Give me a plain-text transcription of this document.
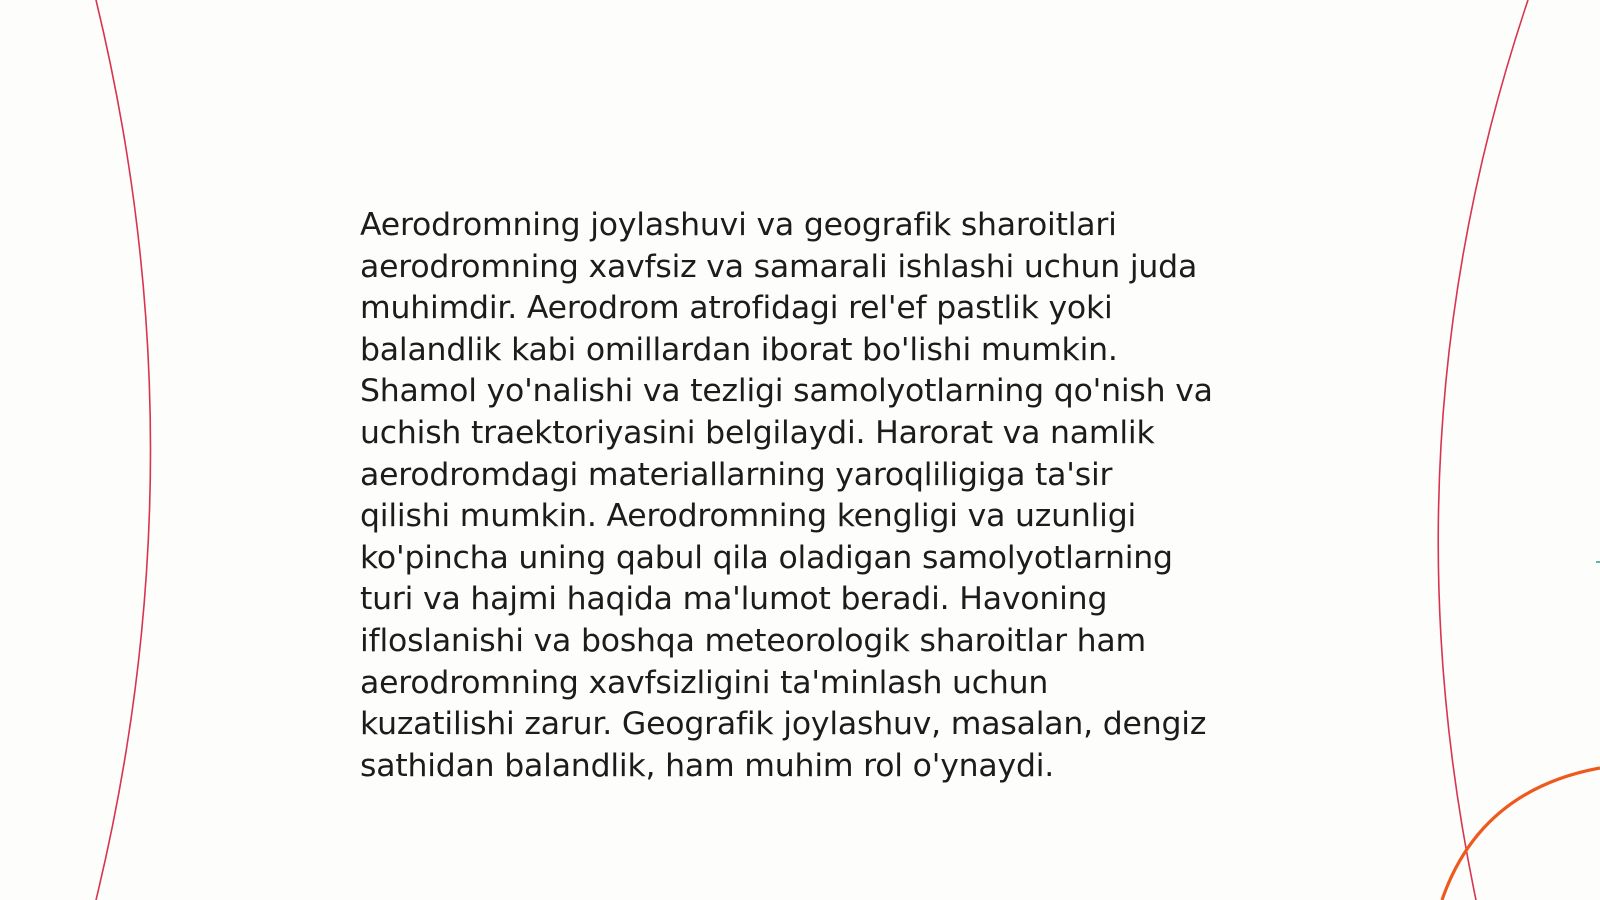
Aerodromning joylashuvi va geografik sharoitlari
aerodromning xavfsiz va samarali ishlashi uchun juda
muhimdir. Aerodrom atrofidagi rel'ef pastlik yoki
balandlik kabi omillardan iborat bo'lishi mumkin.
Shamol yo'nalishi va tezligi samolyotlarning qo'nish va
uchish traektoriyasini belgilaydi. Harorat va namlik
aerodromdagi materiallarning yaroqliligiga ta'sir
qilishi mumkin. Aerodromning kengligi va uzunligi
ko'pincha uning qabul qila oladigan samolyotlarning
turi va hajmi haqida ma'lumot beradi. Havoning
ifloslanishi va boshqa meteorologik sharoitlar ham
aerodromning xavfsizligini ta'minlash uchun
kuzatilishi zarur. Geografik joylashuv, masalan, dengiz
sathidan balandlik, ham muhim rol o'ynaydi.
